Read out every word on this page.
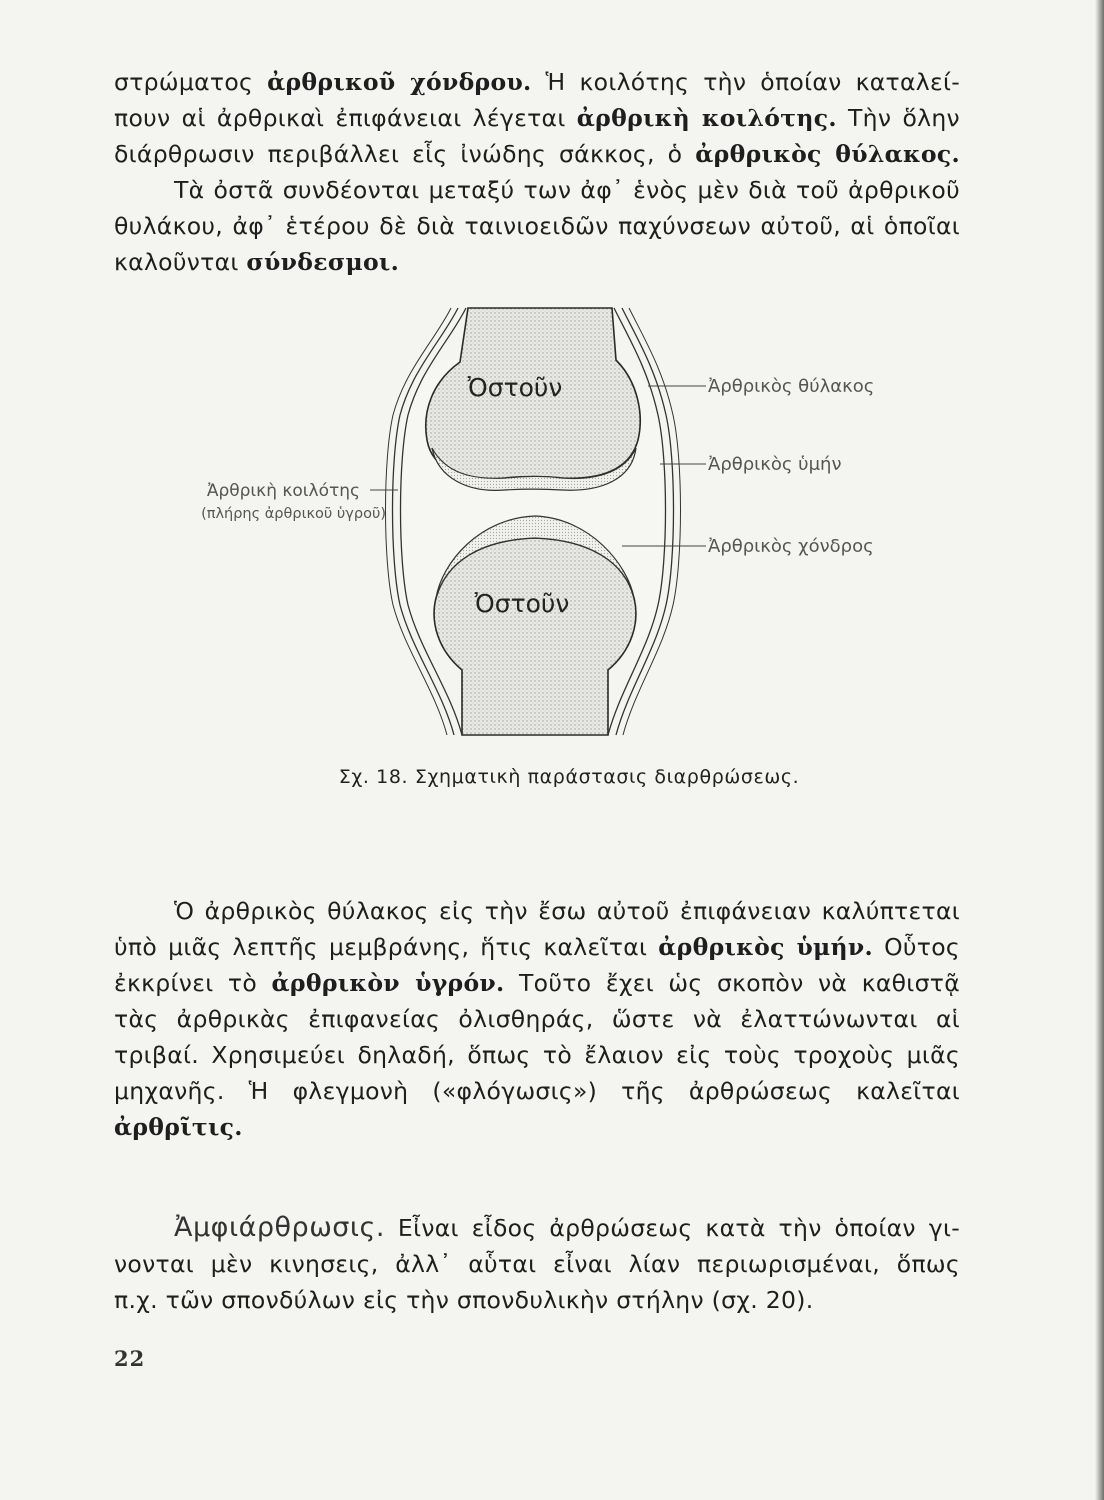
στρώματος ἀρθρικοῦ χόνδρου. Ἡ κοιλότης τὴν ὁποίαν καταλεί-
πουν αἱ ἀρθρικαὶ ἐπιφάνειαι λέγεται ἀρθρικὴ κοιλότης. Τὴν ὅλην
διάρθρωσιν περιβάλλει εἷς ἰνώδης σάκκος, ὁ ἀρθρικὸς θύλακος.
Τὰ ὀστᾶ συνδέονται μεταξύ των ἀφ᾽ ἑνὸς μὲν διὰ τοῦ ἀρθρικοῦ
θυλάκου, ἀφ᾽ ἑτέρου δὲ διὰ ταινιοειδῶν παχύνσεων αὐτοῦ, αἱ ὁποῖαι
καλοῦνται σύνδεσμοι.
Ὀστοῦν
Ὀστοῦν
Ἀρθρικὸς θύλακος
Ἀρθρικὸς ὑμήν
Ἀρθρικὸς χόνδρος
Ἀρθρικὴ κοιλότης
(πλήρης ἀρθρικοῦ ὑγροῦ)
Σχ. 18. Σχηματικὴ παράστασις διαρθρώσεως.
Ὁ ἀρθρικὸς θύλακος εἰς τὴν ἔσω αὐτοῦ ἐπιφάνειαν καλύπτεται
ὑπὸ μιᾶς λεπτῆς μεμβράνης, ἥτις καλεῖται ἀρθρικὸς ὑμήν. Οὗτος
ἐκκρίνει τὸ ἀρθρικὸν ὑγρόν. Τοῦτο ἔχει ὡς σκοπὸν νὰ καθιστᾷ
τὰς ἀρθρικὰς ἐπιφανείας ὀλισθηράς, ὥστε νὰ ἐλαττώνωνται αἱ
τριβαί. Χρησιμεύει δηλαδή, ὅπως τὸ ἔλαιον εἰς τοὺς τροχοὺς μιᾶς
μηχανῆς. Ἡ φλεγμονὴ («φλόγωσις») τῆς ἀρθρώσεως καλεῖται
ἀρθρῖτις.
Ἀμφιάρθρωσις. Εἶναι εἶδος ἀρθρώσεως κατὰ τὴν ὁποίαν γι-
νονται μὲν κινησεις, ἀλλ᾽ αὗται εἶναι λίαν περιωρισμέναι, ὅπως
π.χ. τῶν σπονδύλων εἰς τὴν σπονδυλικὴν στήλην (σχ. 20).
22
